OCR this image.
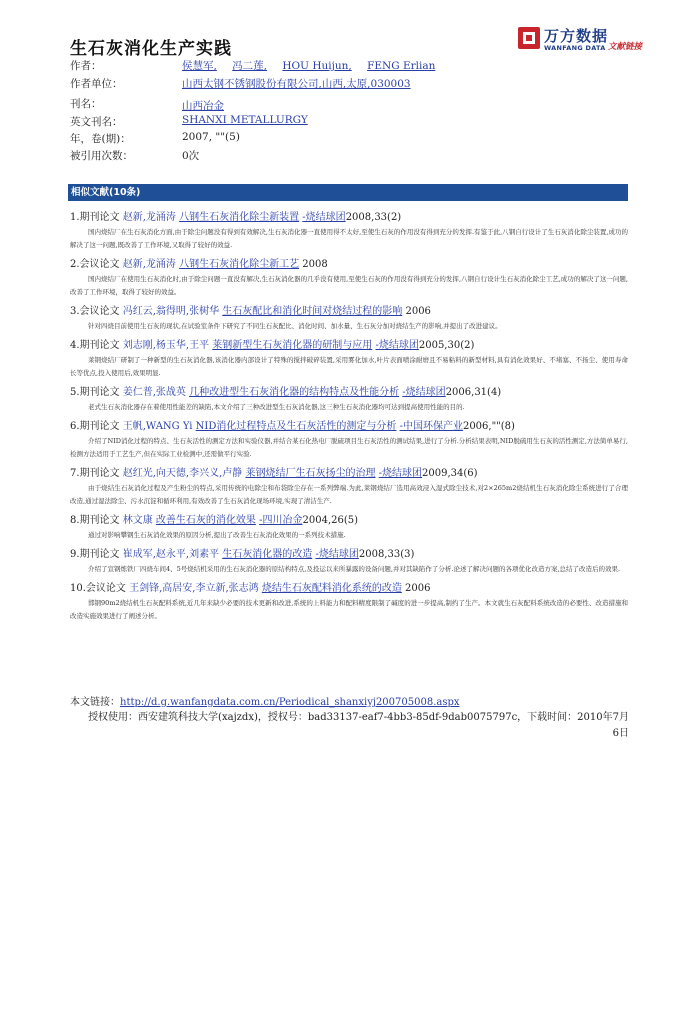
生石灰消化生产实践
万方数据
WANFANG DATA 文献链接
作者：	侯慧军, 冯二莲, HOU Huijun, FENG Erlian
作者单位：	山西太钢不锈钢股份有限公司,山西,太原,030003
刊名：	山西冶金
英文刊名：	SHANXI METALLURGY
年，卷(期)：	2007, ""(5)
被引用次数：	0次
相似文献(10条)
1.期刊论文 赵新,龙涌涛 八钢生石灰消化除尘新装置 -烧结球团2008,33(2)
国内烧结厂在生石灰消化方面,由于除尘问题没有得到有效解决,生石灰消化器一直使用得不太好,至使生石灰的作用没有得到充分的发挥.有鉴于此,八钢自行设计了生石灰消化除尘装置,成功的解决了这一问题,既改善了工作环境,又取得了较好的效益.
2.会议论文 赵新,龙涌涛 八钢生石灰消化除尘新工艺 2008
国内烧结厂在使用生石灰消化时,由于除尘问题一直没有解决,生石灰消化器的几乎没有使用,至使生石灰的作用没有得到充分的发挥,八钢自行设计生石灰消化除尘工艺,成功的解决了这一问题,改善了工作环境，取得了较好的效益。
3.会议论文 冯红云,翁得明,张树华 生石灰配比和消化时间对烧结过程的影响 2006
针对四烧目前使用生石灰的现状,在试验室条件下研究了不同生石灰配比、消化时间、加水量、生石灰分加对烧结生产的影响,并提出了改进建议。
4.期刊论文 刘志刚,杨玉华,王平 莱钢新型生石灰消化器的研制与应用 -烧结球团2005,30(2)
莱钢烧结厂研制了一种新型的生石灰消化器,该消化器内部设计了特殊的搅拌破碎装置,采用雾化加水,叶片表面喷涂耐磨且不易粘料的新型材料,具有消化效果好、不堵塞、不扬尘、使用寿命长等优点,投入使用后,效果明显.
5.期刊论文 姜仁普,张战英 几种改进型生石灰消化器的结构特点及性能分析 -烧结球团2006,31(4)
老式生石灰消化器存在着使用性能差的缺陷,本文介绍了三种改进型生石灰消化器,这三种生石灰消化器均可达到提高使用性能的目的.
6.期刊论文 王帆,WANG Yi NID消化过程特点及生石灰活性的测定与分析 -中国环保产业2006,""(8)
介绍了NID消化过程的特点、生石灰活性的测定方法和实验仪器,并结合某石化热电厂脱硫项目生石灰活性的测试结果,进行了分析.分析结果表明,NID脱硫用生石灰的活性测定,方法简单易行,检测方法适用于工艺生产,但在实际工业检测中,还需做平行实验.
7.期刊论文 赵红光,向天德,李兴义,卢静 莱钢烧结厂生石灰扬尘的治理 -烧结球团2009,34(6)
由于烧结生石灰消化过程及产生粉尘的特点,采用传统的电除尘和布袋除尘存在一系列弊端.为此,莱钢烧结厂选用高效浸入湿式除尘技术,对2×265m2烧结机生石灰消化除尘系统进行了合理改造,通过湿法除尘、污水沉淀和循环利用,有效改善了生石灰消化现场环境,实现了清洁生产.
8.期刊论文 林文康 改善生石灰的消化效果 -四川冶金2004,26(5)
通过对影响攀钢生石灰消化效果的原因分析,提出了改善生石灰消化效果的一系列技术措施.
9.期刊论文 崔成军,赵永平,刘素平 生石灰消化器的改造 -烧结球团2008,33(3)
介绍了宣钢炼铁厂四烧车间4、5号烧结机采用的生石灰消化器的原结构特点,及投运以来所暴露的设备问题,并对其缺陷作了分析.论述了解决问题的各项优化改造方案,总结了改造后的效果.
10.会议论文 王剑锋,高居安,李立新,张志鸿 烧结生石灰配料消化系统的改造 2006
邯钢90m2烧结机生石灰配料系统,近几年来缺少必要的技术更新和改进,系统的上料能力和配料精度限制了碱度的进一步提高,制约了生产。本文就生石灰配料系统改造的必要性、改造措施和改造实施效果进行了阐述分析。
本文链接：http://d.g.wanfangdata.com.cn/Periodical_shanxiyj200705008.aspx
授权使用：西安建筑科技大学(xajzdx)，授权号：bad33137-eaf7-4bb3-85df-9dab0075797c，下载时间：2010年7月6日
